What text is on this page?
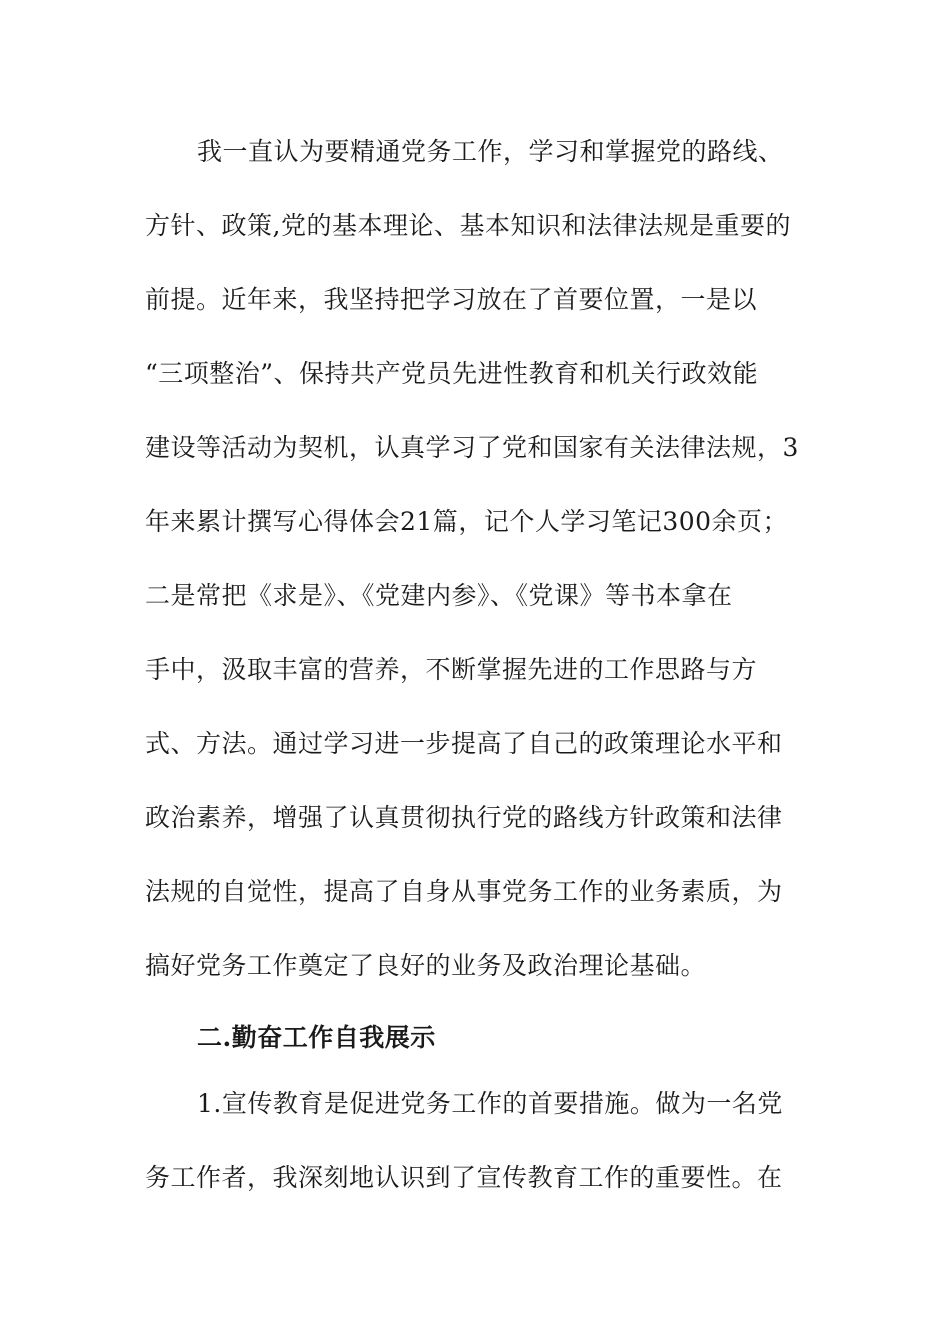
我一直认为要精通党务工作，学习和掌握党的路线、
方针、政策,党的基本理论、基本知识和法律法规是重要的
前提。近年来，我坚持把学习放在了首要位置，一是以
“三项整治”、保持共产党员先进性教育和机关行政效能
建设等活动为契机，认真学习了党和国家有关法律法规，3
年来累计撰写心得体会21篇，记个人学习笔记300余页；
二是常把《求是》、《党建内参》、《党课》等书本拿在
手中，汲取丰富的营养，不断掌握先进的工作思路与方
式、方法。通过学习进一步提高了自己的政策理论水平和
政治素养，增强了认真贯彻执行党的路线方针政策和法律
法规的自觉性，提高了自身从事党务工作的业务素质，为
搞好党务工作奠定了良好的业务及政治理论基础。
二.勤奋工作自我展示
1.宣传教育是促进党务工作的首要措施。做为一名党
务工作者，我深刻地认识到了宣传教育工作的重要性。在
